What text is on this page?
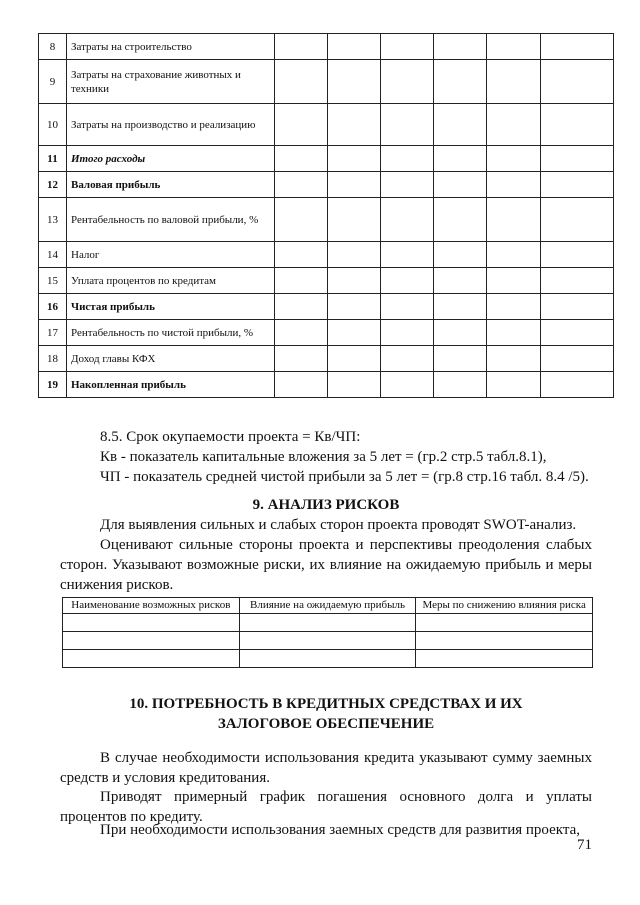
8	Затраты на строительство						
9	Затраты на страхование животных и техники						
10	Затраты на производство и реализацию						
11	Итого расходы						
12	Валовая прибыль						
13	Рентабельность по валовой прибыли, %						
14	Налог						
15	Уплата процентов по кредитам						
16	Чистая прибыль						
17	Рентабельность по чистой прибыли, %						
18	Доход главы КФХ						
19	Накопленная прибыль						
8.5. Срок окупаемости проекта = Кв/ЧП:
Кв - показатель капитальные вложения за 5 лет = (гр.2 стр.5 табл.8.1),
ЧП - показатель средней чистой прибыли за 5 лет = (гр.8 стр.16 табл. 8.4 /5).
9. АНАЛИЗ РИСКОВ
Для выявления сильных и слабых сторон проекта проводят SWOT-анализ.
Оценивают сильные стороны проекта и перспективы преодоления слабых сторон. Указывают возможные риски, их влияние на ожидаемую прибыль и меры снижения рисков.
Наименование возможных рисков	Влияние на ожидаемую прибыль	Меры по снижению влияния риска

10. ПОТРЕБНОСТЬ В КРЕДИТНЫХ СРЕДСТВАХ И ИХ ЗАЛОГОВОЕ ОБЕСПЕЧЕНИЕ
В случае необходимости использования кредита указывают сумму заемных средств и условия кредитования.
Приводят примерный график погашения основного долга и уплаты процентов по кредиту.
При необходимости использования заемных средств для развития проекта,
71
